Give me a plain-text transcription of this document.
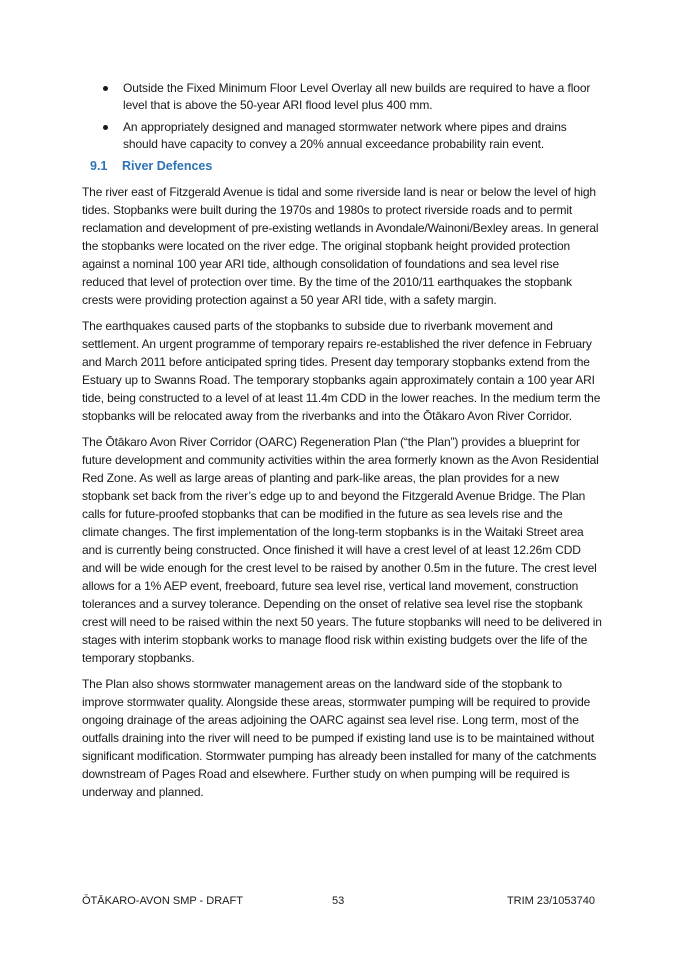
Outside the Fixed Minimum Floor Level Overlay all new builds are required to have a floor level that is above the 50-year ARI flood level plus 400 mm.
An appropriately designed and managed stormwater network where pipes and drains should have capacity to convey a 20% annual exceedance probability rain event.
9.1 River Defences

The river east of Fitzgerald Avenue is tidal and some riverside land is near or below the level of high tides. Stopbanks were built during the 1970s and 1980s to protect riverside roads and to permit reclamation and development of pre-existing wetlands in Avondale/Wainoni/Bexley areas. In general the stopbanks were located on the river edge. The original stopbank height provided protection against a nominal 100 year ARI tide, although consolidation of foundations and sea level rise reduced that level of protection over time. By the time of the 2010/11 earthquakes the stopbank crests were providing protection against a 50 year ARI tide, with a safety margin.

The earthquakes caused parts of the stopbanks to subside due to riverbank movement and settlement. An urgent programme of temporary repairs re-established the river defence in February and March 2011 before anticipated spring tides. Present day temporary stopbanks extend from the Estuary up to Swanns Road. The temporary stopbanks again approximately contain a 100 year ARI tide, being constructed to a level of at least 11.4m CDD in the lower reaches. In the medium term the stopbanks will be relocated away from the riverbanks and into the Ōtākaro Avon River Corridor.

The Ōtākaro Avon River Corridor (OARC) Regeneration Plan (“the Plan”) provides a blueprint for future development and community activities within the area formerly known as the Avon Residential Red Zone. As well as large areas of planting and park-like areas, the plan provides for a new stopbank set back from the river’s edge up to and beyond the Fitzgerald Avenue Bridge. The Plan calls for future-proofed stopbanks that can be modified in the future as sea levels rise and the climate changes. The first implementation of the long-term stopbanks is in the Waitaki Street area and is currently being constructed. Once finished it will have a crest level of at least 12.26m CDD and will be wide enough for the crest level to be raised by another 0.5m in the future. The crest level allows for a 1% AEP event, freeboard, future sea level rise, vertical land movement, construction tolerances and a survey tolerance. Depending on the onset of relative sea level rise the stopbank crest will need to be raised within the next 50 years. The future stopbanks will need to be delivered in stages with interim stopbank works to manage flood risk within existing budgets over the life of the temporary stopbanks.

The Plan also shows stormwater management areas on the landward side of the stopbank to improve stormwater quality. Alongside these areas, stormwater pumping will be required to provide ongoing drainage of the areas adjoining the OARC against sea level rise. Long term, most of the outfalls draining into the river will need to be pumped if existing land use is to be maintained without significant modification. Stormwater pumping has already been installed for many of the catchments downstream of Pages Road and elsewhere. Further study on when pumping will be required is underway and planned.

ŌTĀKARO-AVON SMP - DRAFT	53	TRIM 23/1053740
